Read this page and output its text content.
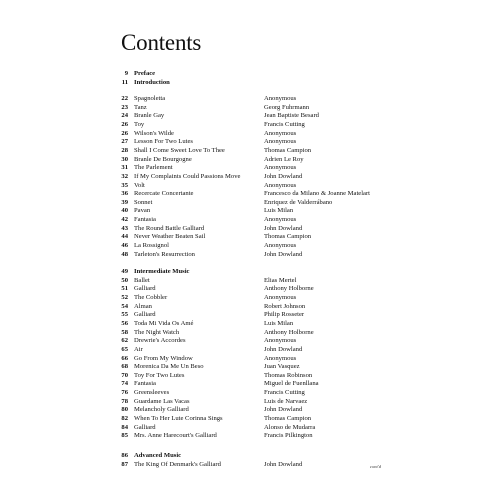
Contents
9 Preface
11 Introduction
22 Spagnoletta	Anonymous
23 Tanz	Georg Fuhrmann
24 Branle Gay	Jean Baptiste Besard
26 Toy	Francis Cutting
26 Wilson's Wilde	Anonymous
27 Lesson For Two Lutes	Anonymous
28 Shall I Come Sweet Love To Thee	Thomas Campion
30 Branle De Bourgogne	Adrien Le Roy
31 The Parlement	Anonymous
32 If My Complaints Could Passions Move	John Dowland
35 Volt	Anonymous
36 Recercate Concertante	Francesco da Milano & Joanne Matelart
39 Sonnet	Enriquez de Valderrábano
40 Pavan	Luis Milan
42 Fantasia	Anonymous
43 The Round Battle Galliard	John Dowland
44 Never Weather Beaten Sail	Thomas Campion
46 La Rossignol	Anonymous
48 Tarleton's Resurrection	John Dowland
49 Intermediate Music
50 Ballet	Elias Mertel
51 Galliard	Anthony Holborne
52 The Cobbler	Anonymous
54 Alman	Robert Johnson
55 Galliard	Philip Rosseter
56 Toda Mi Vida Os Amé	Luis Milan
58 The Night Watch	Anthony Holborne
62 Drewrie's Accordes	Anonymous
65 Air	John Dowland
66 Go From My Window	Anonymous
68 Morenica Da Me Un Beso	Juan Vasquez
70 Toy For Two Lutes	Thomas Robinson
74 Fantasia	Miguel de Fuenllana
76 Greensleeves	Francis Cutting
78 Guardame Las Vacas	Luis de Narvaez
80 Melancholy Galliard	John Dowland
82 When To Her Lute Corinna Sings	Thomas Campion
84 Galliard	Alonso de Mudarra
85 Mrs. Anne Harecourt's Galliard	Francis Pilkington
86 Advanced Music
87 The King Of Denmark's Galliard	John Dowland	cont'd
